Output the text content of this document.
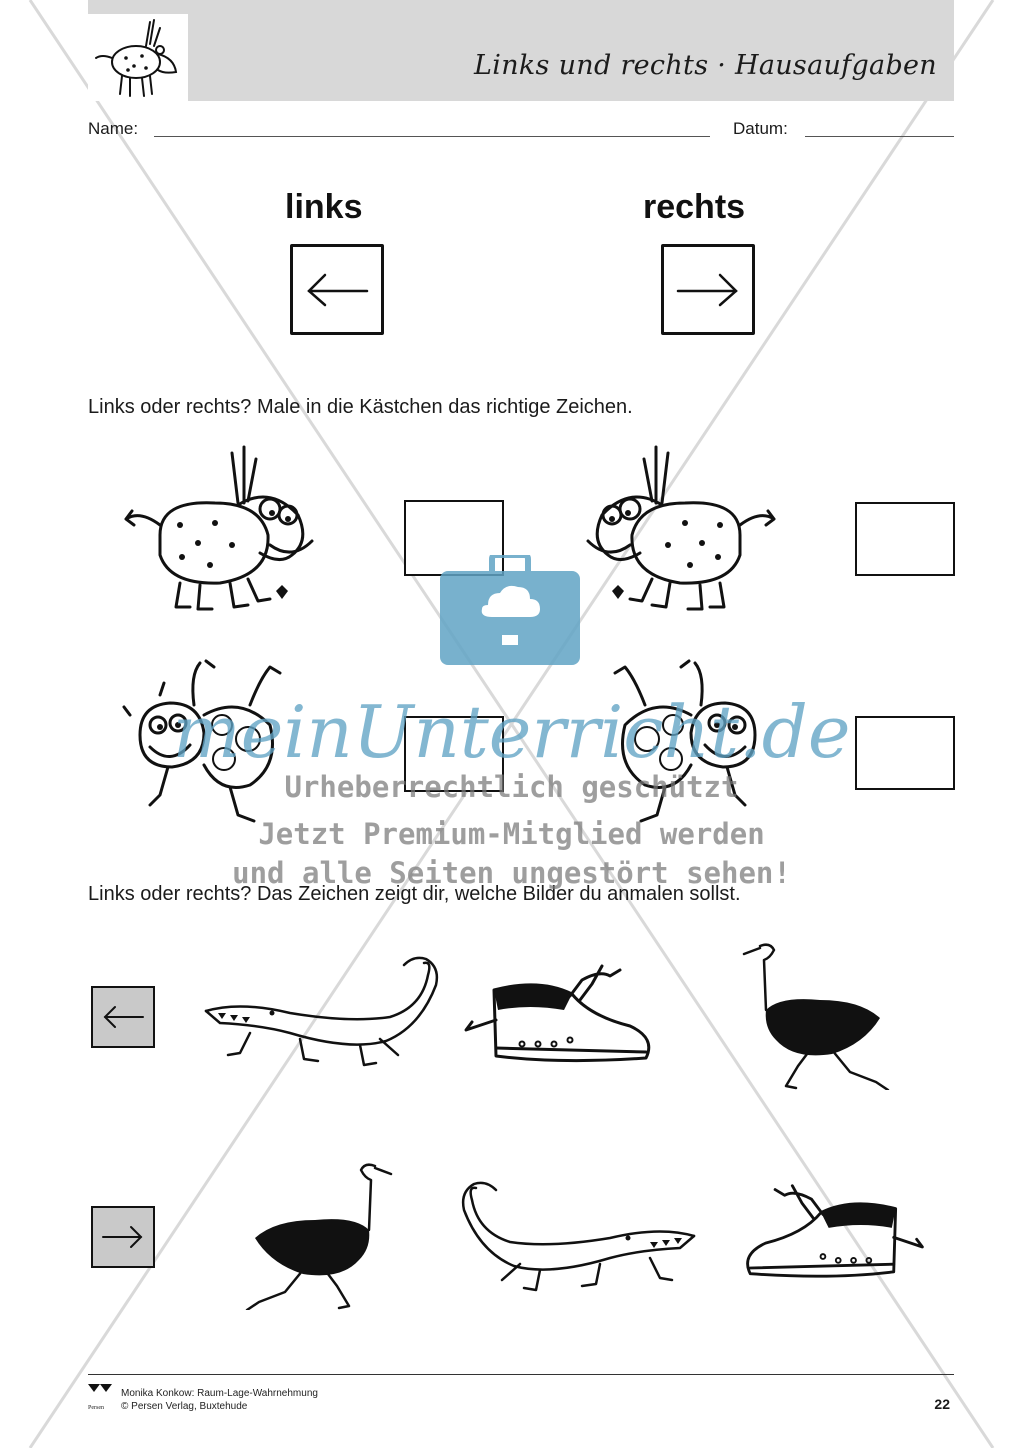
Links und rechts · Hausaufgaben
Name:	Datum:
links	rechts
Links oder rechts? Male in die Kästchen das richtige Zeichen.
Links oder rechts? Das Zeichen zeigt dir, welche Bilder du anmalen sollst.
meinUnterricht.de
Urheberrechtlich geschützt
Jetzt Premium-Mitglied werden
und alle Seiten ungestört sehen!
Persen
Monika Konkow: Raum-Lage-Wahrnehmung
© Persen Verlag, Buxtehude	22
